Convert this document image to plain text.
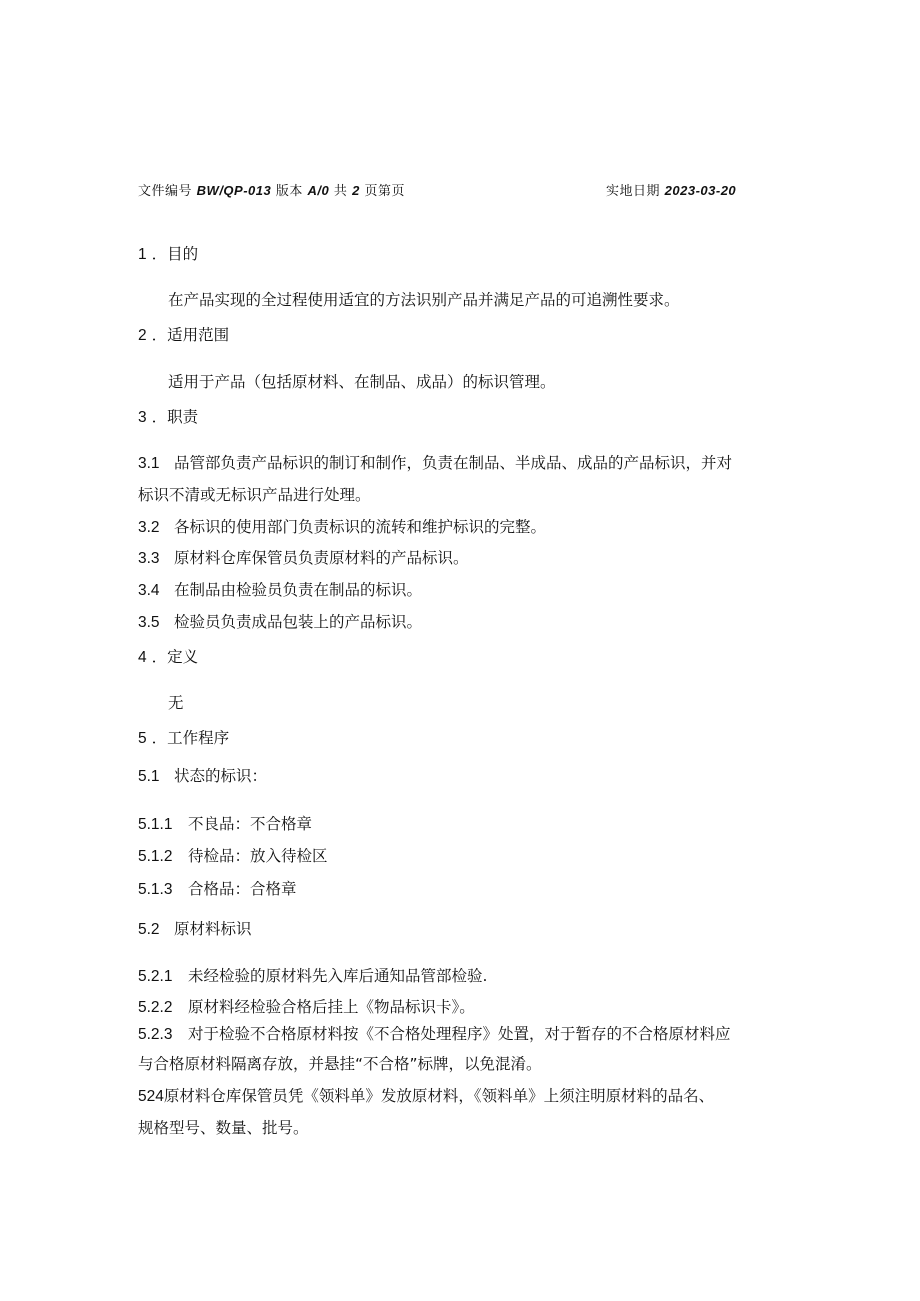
文件编号 BW/QP-013 版本 A/0 共 2 页第页	实地日期 2023-03-20
1 ．目的
在产品实现的全过程使用适宜的方法识别产品并满足产品的可追溯性要求。
2 ．适用范围
适用于产品（包括原材料、在制品、成品）的标识管理。
3 ．职责
3.1 品管部负责产品标识的制订和制作，负责在制品、半成品、成品的产品标识，并对
标识不清或无标识产品进行处理。
3.2 各标识的使用部门负责标识的流转和维护标识的完整。
3.3 原材料仓库保管员负责原材料的产品标识。
3.4 在制品由检验员负责在制品的标识。
3.5 检验员负责成品包装上的产品标识。
4 ．定义
无
5 ．工作程序
5.1 状态的标识：
5.1.1 不良品：不合格章
5.1.2 待检品：放入待检区
5.1.3 合格品：合格章
5.2 原材料标识
5.2.1 未经检验的原材料先入库后通知品管部检验.
5.2.2 原材料经检验合格后挂上《物品标识卡》。
5.2.3 对于检验不合格原材料按《不合格处理程序》处置，对于暂存的不合格原材料应
与合格原材料隔离存放，并悬挂“不合格”标牌，以免混淆。
524原材料仓库保管员凭《领料单》发放原材料，《领料单》上须注明原材料的品名、
规格型号、数量、批号。
